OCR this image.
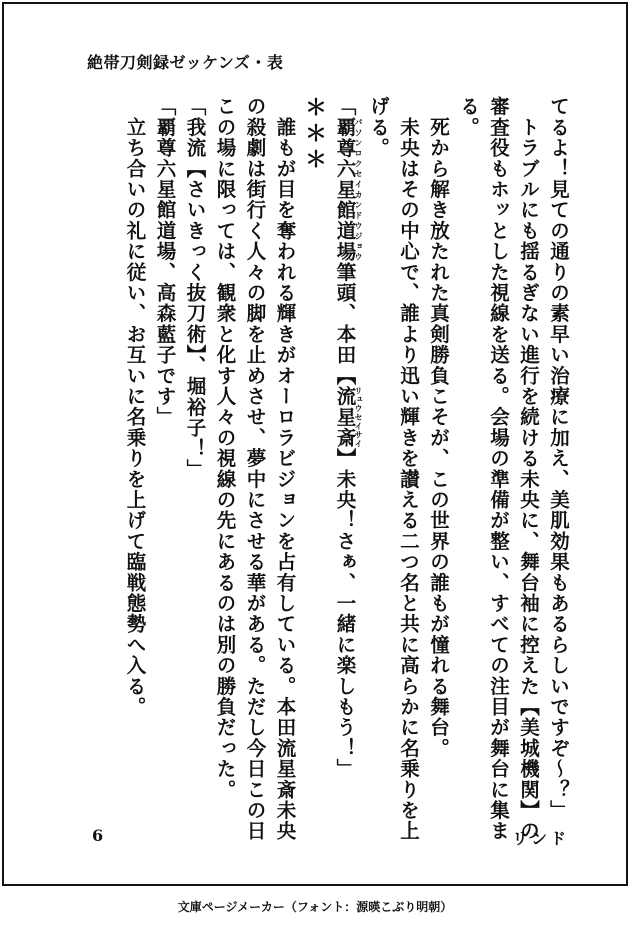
絶帯刀剣録ゼッケンズ・表
てるよ！見ての通りの素早い治療に加え、美肌効果もあるらしいですぞ〜？」
　トラブルにも揺るぎない進行を続ける未央に、舞台袖に控えた【美城機関】の
審査役もホッとした視線を送る。会場の準備が整い、すべての注目が舞台に集ま
る。
　死から解き放たれた真剣勝負こそが、この世界の誰もが憧れる舞台。
　未央はその中心で、誰より迅い輝きを讃える二つ名と共に高らかに名乗りを上
げる。
「覇尊六星館道場パソンロクセイカンドウジョウ筆頭、本田【流星斎リュウセイサイ】未央！さぁ、一緒に楽しもう！」
＊＊＊
　誰もが目を奪われる輝きがオーロラビジョンを占有している。本田流星斎未央
の殺劇は街行く人々の脚を止めさせ、夢中にさせる華がある。ただし今日この日
この場に限っては、観衆と化す人々の視線の先にあるのは別の勝負だった。
「我流【さいきっく抜刀術】、堀裕子！」
「覇尊六星館道場、高森藍子です」
　立ち合いの礼に従い、お互いに名乗りを上げて臨戦態勢へ入る。
6	リンド
文庫ページメーカー（フォント：源暎こぶり明朝）
